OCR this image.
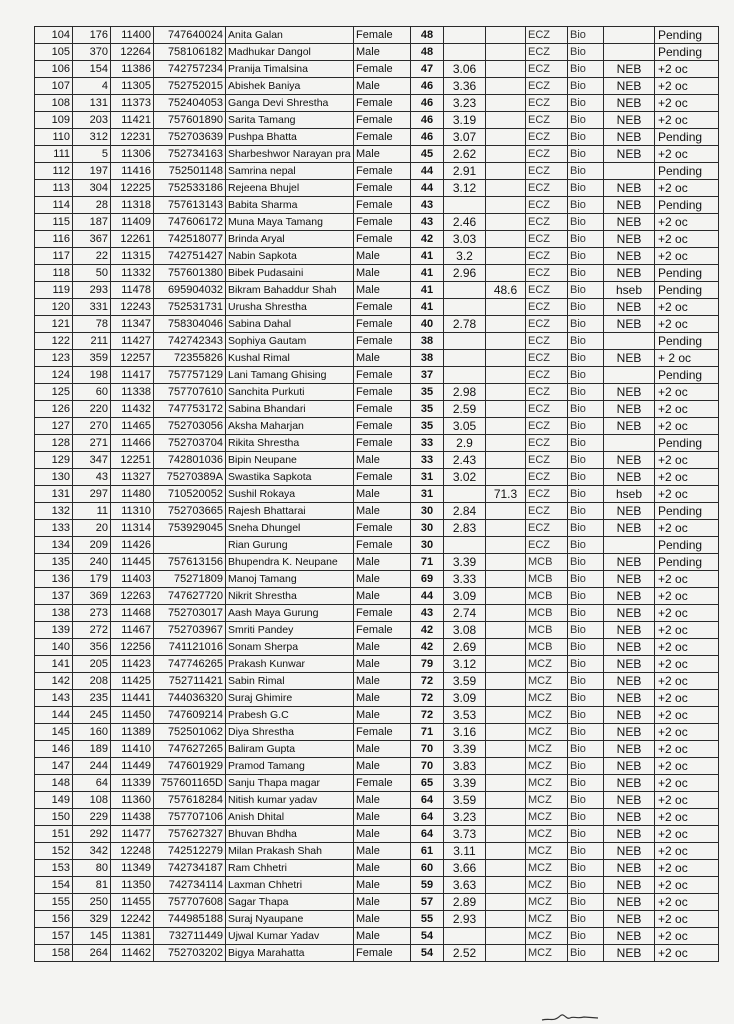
104	176	11400	747640024	Anita Galan	Female	48			ECZ	Bio		Pending
105	370	12264	758106182	Madhukar Dangol	Male	48			ECZ	Bio		Pending
106	154	11386	742757234	Pranija Timalsina	Female	47	3.06		ECZ	Bio	NEB	+2 oc
107	4	11305	752752015	Abishek Baniya	Male	46	3.36		ECZ	Bio	NEB	+2 oc
108	131	11373	752404053	Ganga Devi Shrestha	Female	46	3.23		ECZ	Bio	NEB	+2 oc
109	203	11421	757601890	Sarita Tamang	Female	46	3.19		ECZ	Bio	NEB	+2 oc
110	312	12231	752703639	Pushpa Bhatta	Female	46	3.07		ECZ	Bio	NEB	Pending
111	5	11306	752734163	Sharbeshwor Narayan pra	Male	45	2.62		ECZ	Bio	NEB	+2 oc
112	197	11416	752501148	Samrina nepal	Female	44	2.91		ECZ	Bio		Pending
113	304	12225	752533186	Rejeena Bhujel	Female	44	3.12		ECZ	Bio	NEB	+2 oc
114	28	11318	757613143	Babita Sharma	Female	43			ECZ	Bio	NEB	Pending
115	187	11409	747606172	Muna Maya Tamang	Female	43	2.46		ECZ	Bio	NEB	+2 oc
116	367	12261	742518077	Brinda Aryal	Female	42	3.03		ECZ	Bio	NEB	+2 oc
117	22	11315	742751427	Nabin Sapkota	Male	41	3.2		ECZ	Bio	NEB	+2 oc
118	50	11332	757601380	Bibek Pudasaini	Male	41	2.96		ECZ	Bio	NEB	Pending
119	293	11478	695904032	Bikram Bahaddur Shah	Male	41		48.6	ECZ	Bio	hseb	Pending
120	331	12243	752531731	Urusha Shrestha	Female	41			ECZ	Bio	NEB	+2 oc
121	78	11347	758304046	Sabina Dahal	Female	40	2.78		ECZ	Bio	NEB	+2 oc
122	211	11427	742742343	Sophiya Gautam	Female	38			ECZ	Bio		Pending
123	359	12257	72355826	Kushal Rimal	Male	38			ECZ	Bio	NEB	+ 2 oc
124	198	11417	757757129	Lani Tamang Ghising	Female	37			ECZ	Bio		Pending
125	60	11338	757707610	Sanchita Purkuti	Female	35	2.98		ECZ	Bio	NEB	+2 oc
126	220	11432	747753172	Sabina Bhandari	Female	35	2.59		ECZ	Bio	NEB	+2 oc
127	270	11465	752703056	Aksha Maharjan	Female	35	3.05		ECZ	Bio	NEB	+2 oc
128	271	11466	752703704	Rikita Shrestha	Female	33	2.9		ECZ	Bio		Pending
129	347	12251	742801036	Bipin Neupane	Male	33	2.43		ECZ	Bio	NEB	+2 oc
130	43	11327	75270389A	Swastika Sapkota	Female	31	3.02		ECZ	Bio	NEB	+2 oc
131	297	11480	710520052	Sushil Rokaya	Male	31		71.3	ECZ	Bio	hseb	+2 oc
132	11	11310	752703665	Rajesh Bhattarai	Male	30	2.84		ECZ	Bio	NEB	Pending
133	20	11314	753929045	Sneha Dhungel	Female	30	2.83		ECZ	Bio	NEB	+2 oc
134	209	11426		Rian Gurung	Female	30			ECZ	Bio		Pending
135	240	11445	757613156	Bhupendra K. Neupane	Male	71	3.39		MCB	Bio	NEB	Pending
136	179	11403	75271809	Manoj Tamang	Male	69	3.33		MCB	Bio	NEB	+2 oc
137	369	12263	747627720	Nikrit Shrestha	Male	44	3.09		MCB	Bio	NEB	+2 oc
138	273	11468	752703017	Aash Maya Gurung	Female	43	2.74		MCB	Bio	NEB	+2 oc
139	272	11467	752703967	Smriti Pandey	Female	42	3.08		MCB	Bio	NEB	+2 oc
140	356	12256	741121016	Sonam Sherpa	Male	42	2.69		MCB	Bio	NEB	+2 oc
141	205	11423	747746265	Prakash Kunwar	Male	79	3.12		MCZ	Bio	NEB	+2 oc
142	208	11425	752711421	Sabin Rimal	Male	72	3.59		MCZ	Bio	NEB	+2 oc
143	235	11441	744036320	Suraj Ghimire	Male	72	3.09		MCZ	Bio	NEB	+2 oc
144	245	11450	747609214	Prabesh G.C	Male	72	3.53		MCZ	Bio	NEB	+2 oc
145	160	11389	752501062	Diya Shrestha	Female	71	3.16		MCZ	Bio	NEB	+2 oc
146	189	11410	747627265	Baliram Gupta	Male	70	3.39		MCZ	Bio	NEB	+2 oc
147	244	11449	747601929	Pramod Tamang	Male	70	3.83		MCZ	Bio	NEB	+2 oc
148	64	11339	757601165D	Sanju Thapa magar	Female	65	3.39		MCZ	Bio	NEB	+2 oc
149	108	11360	757618284	Nitish kumar yadav	Male	64	3.59		MCZ	Bio	NEB	+2 oc
150	229	11438	757707106	Anish Dhital	Male	64	3.23		MCZ	Bio	NEB	+2 oc
151	292	11477	757627327	Bhuvan Bhdha	Male	64	3.73		MCZ	Bio	NEB	+2 oc
152	342	12248	742512279	Milan Prakash Shah	Male	61	3.11		MCZ	Bio	NEB	+2 oc
153	80	11349	742734187	Ram Chhetri	Male	60	3.66		MCZ	Bio	NEB	+2 oc
154	81	11350	742734114	Laxman Chhetri	Male	59	3.63		MCZ	Bio	NEB	+2 oc
155	250	11455	757707608	Sagar Thapa	Male	57	2.89		MCZ	Bio	NEB	+2 oc
156	329	12242	744985188	Suraj Nyaupane	Male	55	2.93		MCZ	Bio	NEB	+2 oc
157	145	11381	732711449	Ujwal Kumar Yadav	Male	54			MCZ	Bio	NEB	+2 oc
158	264	11462	752703202	Bigya Marahatta	Female	54	2.52		MCZ	Bio	NEB	+2 oc
